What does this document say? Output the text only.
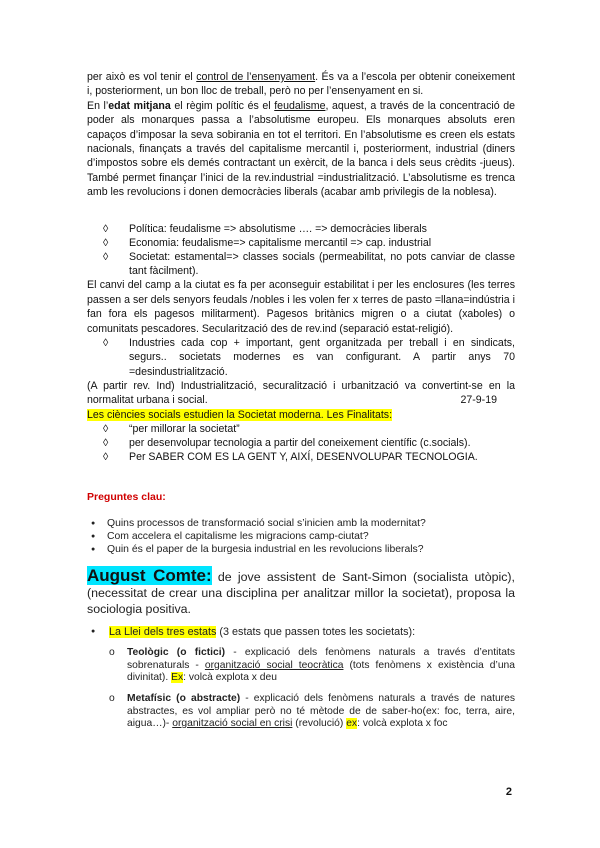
per això es vol tenir el control de l’ensenyament. És va a l’escola per obtenir coneixement i, posteriorment, un bon lloc de treball, però no per l’ensenyament en si.

En l’edat mitjana el règim polític és el feudalisme, aquest, a través de la concentració de poder als monarques passa a l’absolutisme europeu. Els monarques absoluts eren capaços d’imposar la seva sobirania en tot el territori. En l’absolutisme es creen els estats nacionals, finançats a través del capitalisme mercantil i, posteriorment, industrial (diners d’impostos sobre els demés contractant un exèrcit, de la banca i dels seus crèdits -jueus). També permet finançar l’inici de la rev.industrial =industrialització. L’absolutisme es trenca amb les revolucions i donen democràcies liberals (acabar amb privilegis de la noblesa).

◊	Política: feudalisme => absolutisme …. => democràcies liberals
◊	Economia: feudalisme=> capitalisme mercantil => cap. industrial
◊	Societat: estamental=> classes socials (permeabilitat, no pots canviar de classe tant fàcilment).

El canvi del camp a la ciutat es fa per aconseguir estabilitat i per les enclosures (les terres passen a ser dels senyors feudals /nobles i les volen fer x terres de pasto =llana=indústria i fan fora els pagesos militarment). Pagesos britànics migren o a ciutat (xaboles) o comunitats pescadores. Secularització des de rev.ind (separació estat-religió).

◊	Industries cada cop + important, gent organitzada per treball i en sindicats, segurs.. societats modernes es van configurant. A partir anys 70 =desindustrialització.

(A partir rev. Ind) Industrialització, securalització i urbanització va convertint-se en la normalitat urbana i social.	27-9-19

Les ciències socials estudien la Societat moderna. Les Finalitats:

◊	“per millorar la societat”
◊	per desenvolupar tecnologia a partir del coneixement científic (c.socials).
◊	Per SABER COM ES LA GENT Y, AIXÍ, DESENVOLUPAR TECNOLOGIA.

Preguntes clau:

●	Quins processos de transformació social s’inicien amb la modernitat?
●	Com accelera el capitalisme les migracions camp-ciutat?
●	Quin és el paper de la burgesia industrial en les revolucions liberals?

August Comte: de jove assistent de Sant-Simon (socialista utòpic), (necessitat de crear una disciplina per analitzar millor la societat), proposa la sociologia positiva.

●	La Llei dels tres estats (3 estats que passen totes les societats):
o	Teològic (o fictici) - explicació dels fenòmens naturals a través d’entitats sobrenaturals - organització social teocràtica (tots fenòmens x existència d’una divinitat). Ex: volcà explota x deu
o	Metafísic (o abstracte) - explicació dels fenòmens naturals a través de natures abstractes, es vol ampliar però no té mètode de de saber-ho(ex: foc, terra, aire, aigua…)- organització social en crisi (revolució) ex: volcà explota x foc
2
